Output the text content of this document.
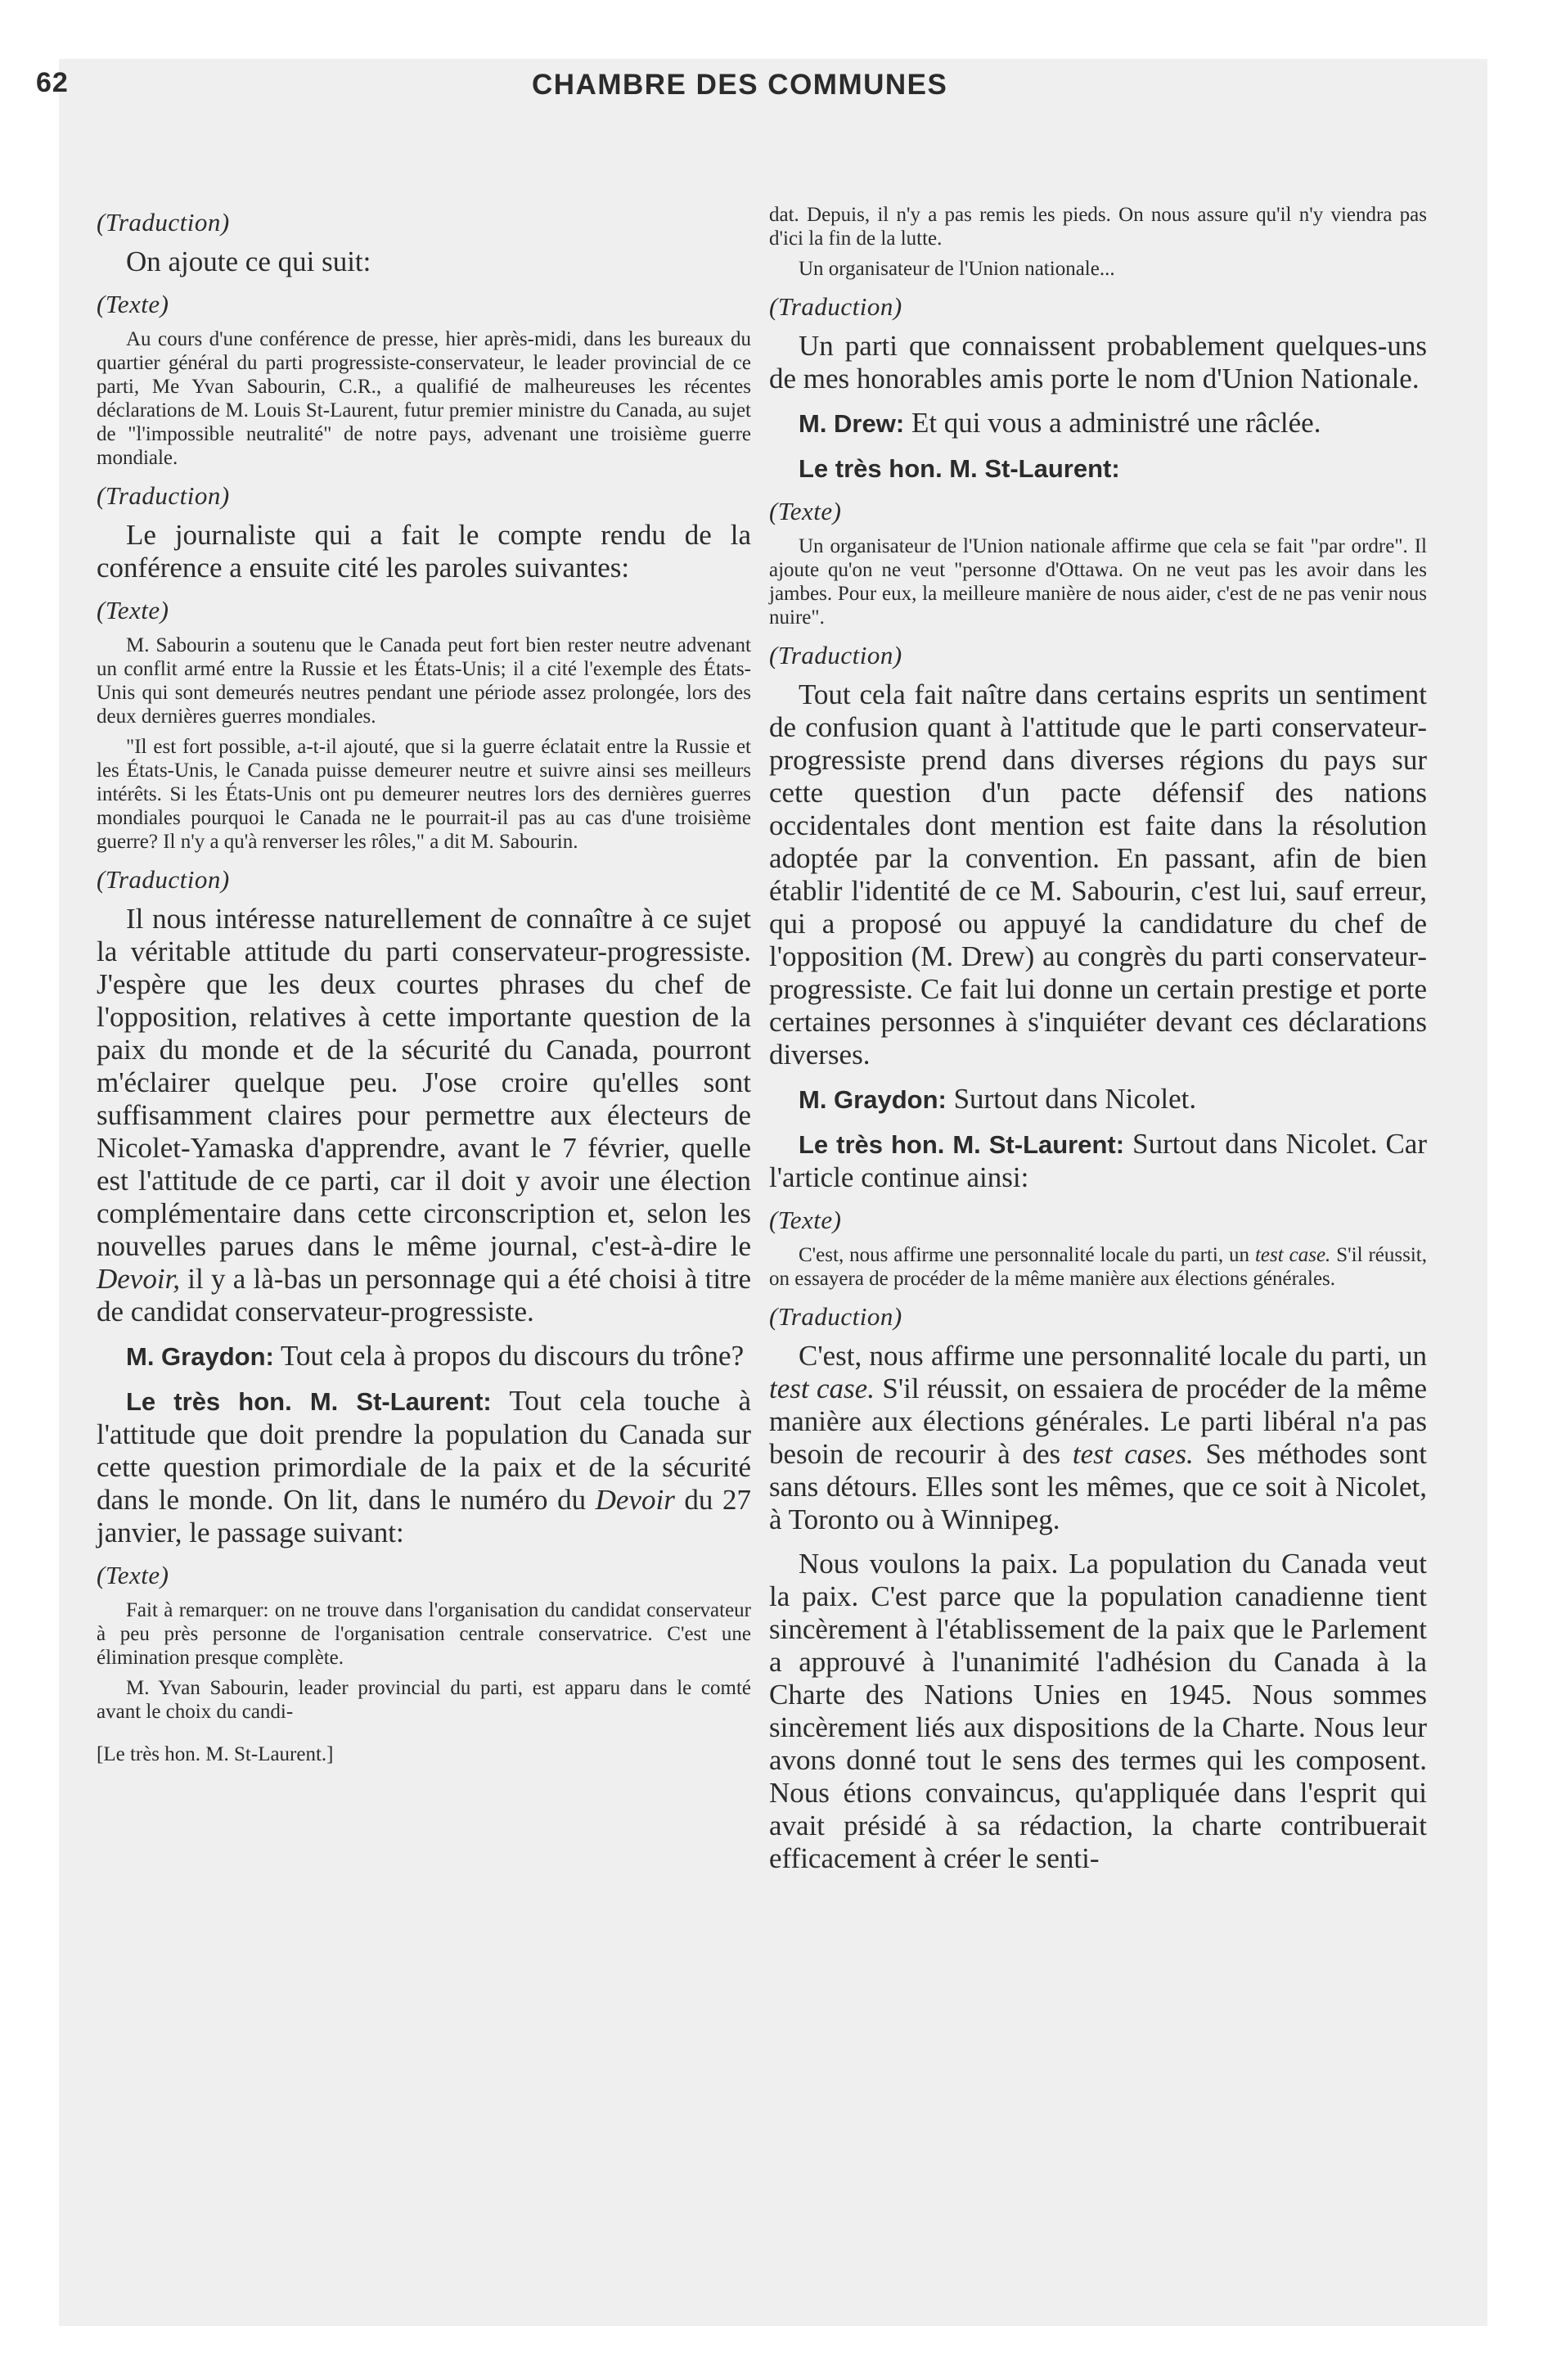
62	CHAMBRE DES COMMUNES
(Traduction)

On ajoute ce qui suit:

(Texte)

Au cours d'une conférence de presse, hier après-midi, dans les bureaux du quartier général du parti progressiste-conservateur, le leader provincial de ce parti, Me Yvan Sabourin, C.R., a qualifié de malheureuses les récentes déclarations de M. Louis St-Laurent, futur premier ministre du Canada, au sujet de "l'impossible neutralité" de notre pays, advenant une troisième guerre mondiale.

(Traduction)

Le journaliste qui a fait le compte rendu de la conférence a ensuite cité les paroles suivantes:

(Texte)

M. Sabourin a soutenu que le Canada peut fort bien rester neutre advenant un conflit armé entre la Russie et les États-Unis; il a cité l'exemple des États-Unis qui sont demeurés neutres pendant une période assez prolongée, lors des deux dernières guerres mondiales.

"Il est fort possible, a-t-il ajouté, que si la guerre éclatait entre la Russie et les États-Unis, le Canada puisse demeurer neutre et suivre ainsi ses meilleurs intérêts. Si les États-Unis ont pu demeurer neutres lors des dernières guerres mondiales pourquoi le Canada ne le pourrait-il pas au cas d'une troisième guerre? Il n'y a qu'à renverser les rôles," a dit M. Sabourin.

(Traduction)

Il nous intéresse naturellement de connaître à ce sujet la véritable attitude du parti conservateur-progressiste. J'espère que les deux courtes phrases du chef de l'opposition, relatives à cette importante question de la paix du monde et de la sécurité du Canada, pourront m'éclairer quelque peu. J'ose croire qu'elles sont suffisamment claires pour permettre aux électeurs de Nicolet-Yamaska d'apprendre, avant le 7 février, quelle est l'attitude de ce parti, car il doit y avoir une élection complémentaire dans cette circonscription et, selon les nouvelles parues dans le même journal, c'est-à-dire le Devoir, il y a là-bas un personnage qui a été choisi à titre de candidat conservateur-progressiste.

M. Graydon: Tout cela à propos du discours du trône?

Le très hon. M. St-Laurent: Tout cela touche à l'attitude que doit prendre la population du Canada sur cette question primordiale de la paix et de la sécurité dans le monde. On lit, dans le numéro du Devoir du 27 janvier, le passage suivant:

(Texte)

Fait à remarquer: on ne trouve dans l'organisation du candidat conservateur à peu près personne de l'organisation centrale conservatrice. C'est une élimination presque complète.

M. Yvan Sabourin, leader provincial du parti, est apparu dans le comté avant le choix du candi-

[Le très hon. M. St-Laurent.]

dat. Depuis, il n'y a pas remis les pieds. On nous assure qu'il n'y viendra pas d'ici la fin de la lutte.

Un organisateur de l'Union nationale...

(Traduction)

Un parti que connaissent probablement quelques-uns de mes honorables amis porte le nom d'Union Nationale.

M. Drew: Et qui vous a administré une râclée.

Le très hon. M. St-Laurent:

(Texte)

Un organisateur de l'Union nationale affirme que cela se fait "par ordre". Il ajoute qu'on ne veut "personne d'Ottawa. On ne veut pas les avoir dans les jambes. Pour eux, la meilleure manière de nous aider, c'est de ne pas venir nous nuire".

(Traduction)

Tout cela fait naître dans certains esprits un sentiment de confusion quant à l'attitude que le parti conservateur-progressiste prend dans diverses régions du pays sur cette question d'un pacte défensif des nations occidentales dont mention est faite dans la résolution adoptée par la convention. En passant, afin de bien établir l'identité de ce M. Sabourin, c'est lui, sauf erreur, qui a proposé ou appuyé la candidature du chef de l'opposition (M. Drew) au congrès du parti conservateur-progressiste. Ce fait lui donne un certain prestige et porte certaines personnes à s'inquiéter devant ces déclarations diverses.

M. Graydon: Surtout dans Nicolet.

Le très hon. M. St-Laurent: Surtout dans Nicolet. Car l'article continue ainsi:

(Texte)

C'est, nous affirme une personnalité locale du parti, un test case. S'il réussit, on essayera de procéder de la même manière aux élections générales.

(Traduction)

C'est, nous affirme une personnalité locale du parti, un test case. S'il réussit, on essaiera de procéder de la même manière aux élections générales. Le parti libéral n'a pas besoin de recourir à des test cases. Ses méthodes sont sans détours. Elles sont les mêmes, que ce soit à Nicolet, à Toronto ou à Winnipeg.

Nous voulons la paix. La population du Canada veut la paix. C'est parce que la population canadienne tient sincèrement à l'établissement de la paix que le Parlement a approuvé à l'unanimité l'adhésion du Canada à la Charte des Nations Unies en 1945. Nous sommes sincèrement liés aux dispositions de la Charte. Nous leur avons donné tout le sens des termes qui les composent. Nous étions convaincus, qu'appliquée dans l'esprit qui avait présidé à sa rédaction, la charte contribuerait efficacement à créer le senti-
